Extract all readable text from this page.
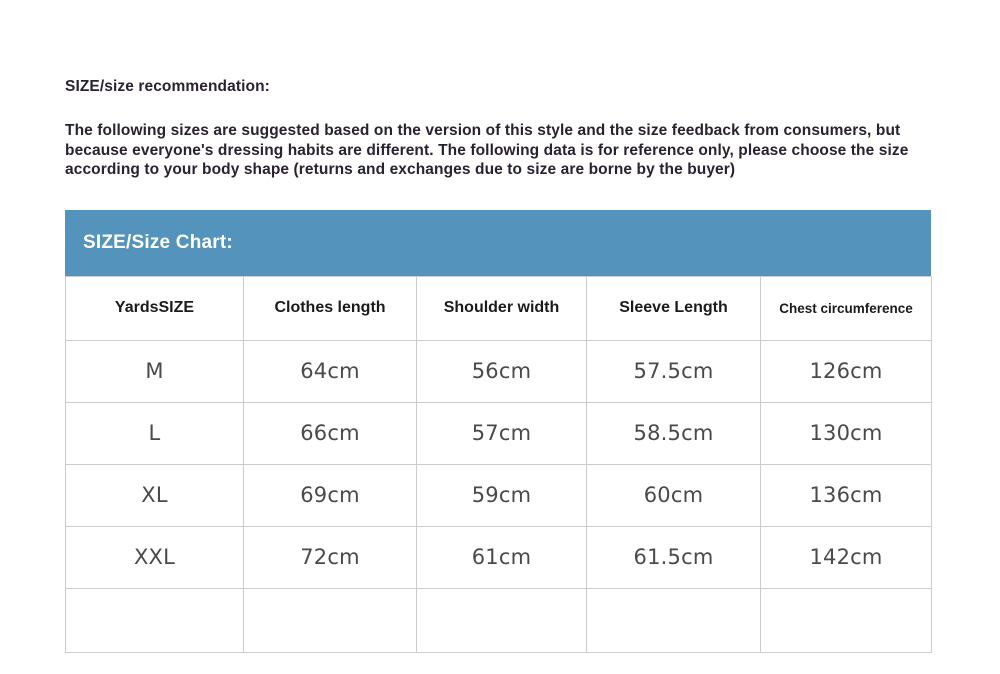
SIZE/size recommendation:

The following sizes are suggested based on the version of this style and the size feedback from consumers, but because everyone's dressing habits are different. The following data is for reference only, please choose the size according to your body shape (returns and exchanges due to size are borne by the buyer)

SIZE/Size Chart:
YardsSIZE	Clothes length	Shoulder width	Sleeve Length	Chest circumference
M	64cm	56cm	57.5cm	126cm
L	66cm	57cm	58.5cm	130cm
XL	69cm	59cm	60cm	136cm
XXL	72cm	61cm	61.5cm	142cm
